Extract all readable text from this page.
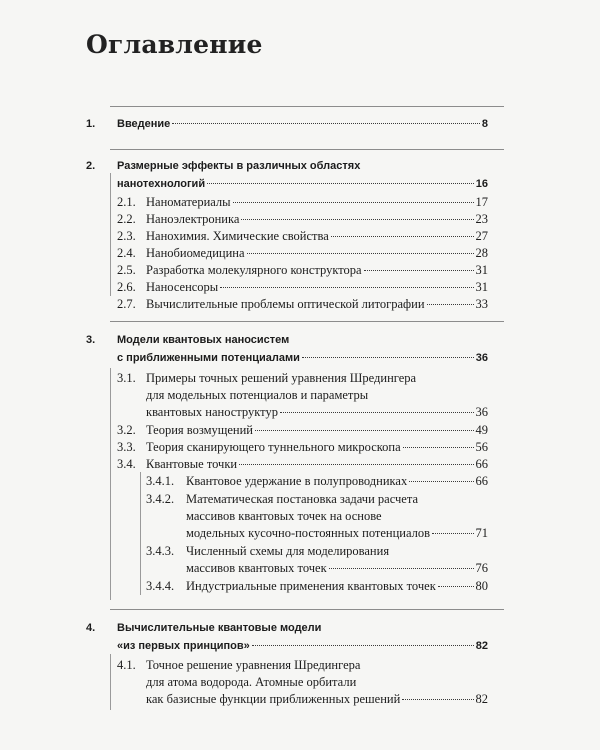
Оглавление
1. Введение	8
2. Размерные эффекты в различных областях
нанотехнологий	16
2.1. Наноматериалы	17
2.2. Наноэлектроника	23
2.3. Нанохимия. Химические свойства	27
2.4. Нанобиомедицина	28
2.5. Разработка молекулярного конструктора	31
2.6. Наносенсоры	31
2.7. Вычислительные проблемы оптической литографии	33
3. Модели квантовых наносистем
с приближенными потенциалами	36
3.1. Примеры точных решений уравнения Шредингера
для модельных потенциалов и параметры
квантовых наноструктур	36
3.2. Теория возмущений	49
3.3. Теория сканирующего туннельного микроскопа	56
3.4. Квантовые точки	66
3.4.1. Квантовое удержание в полупроводниках	66
3.4.2. Математическая постановка задачи расчета
массивов квантовых точек на основе
модельных кусочно-постоянных потенциалов	71
3.4.3. Численный схемы для моделирования
массивов квантовых точек	76
3.4.4. Индустриальные применения квантовых точек	80
4. Вычислительные квантовые модели
«из первых принципов»	82
4.1. Точное решение уравнения Шредингера
для атома водорода. Атомные орбитали
как базисные функции приближенных решений	82
